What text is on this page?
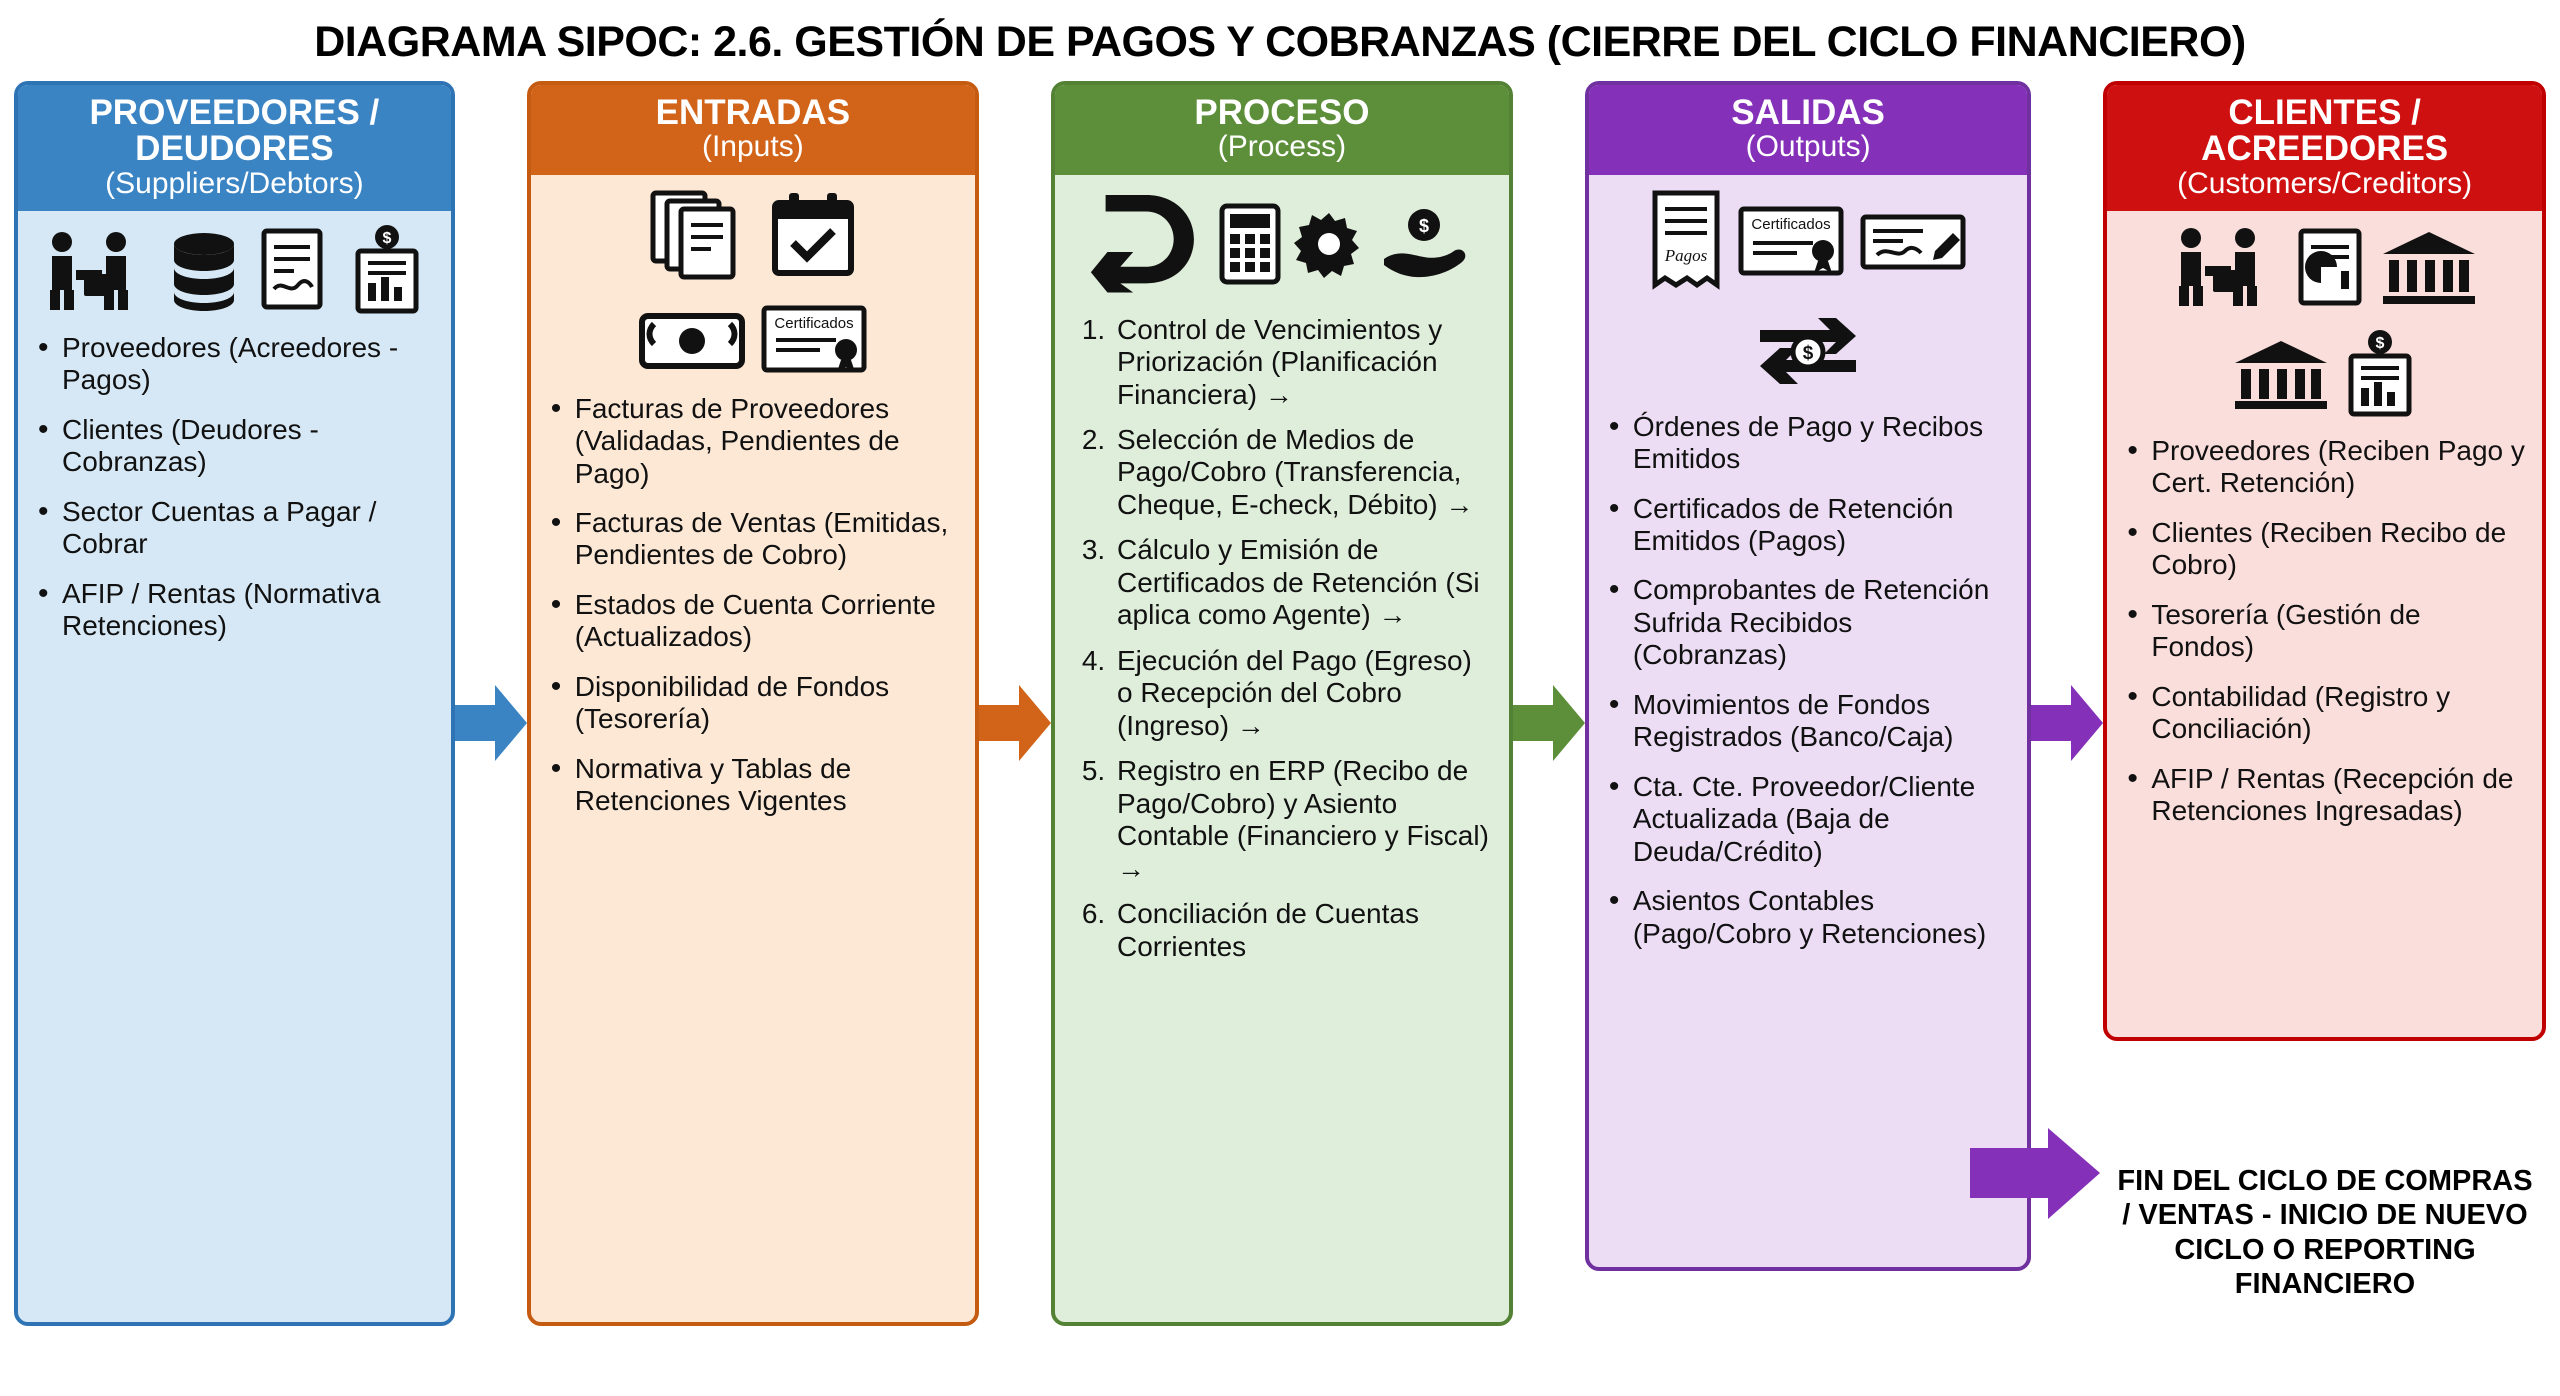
DIAGRAMA SIPOC: 2.6. GESTIÓN DE PAGOS Y COBRANZAS (CIERRE DEL CICLO FINANCIERO)
PROVEEDORES / DEUDORES
(Suppliers/Debtors)
$
• Proveedores (Acreedores - Pagos)
• Clientes (Deudores - Cobranzas)
• Sector Cuentas a Pagar / Cobrar
• AFIP / Rentas (Normativa Retenciones)
ENTRADAS
(Inputs)
Certificados
• Facturas de Proveedores (Validadas, Pendientes de Pago)
• Facturas de Ventas (Emitidas, Pendientes de Cobro)
• Estados de Cuenta Corriente (Actualizados)
• Disponibilidad de Fondos (Tesorería)
• Normativa y Tablas de Retenciones Vigentes
PROCESO
(Process)
$
1. Control de Vencimientos y Priorización (Planificación Financiera) →
2. Selección de Medios de Pago/Cobro (Transferencia, Cheque, E-check, Débito) →
3. Cálculo y Emisión de Certificados de Retención (Si aplica como Agente) →
4. Ejecución del Pago (Egreso) o Recepción del Cobro (Ingreso) →
5. Registro en ERP (Recibo de Pago/Cobro) y Asiento Contable (Financiero y Fiscal) →
6. Conciliación de Cuentas Corrientes
SALIDAS
(Outputs)
Pagos
Certificados
$
• Órdenes de Pago y Recibos Emitidos
• Certificados de Retención Emitidos (Pagos)
• Comprobantes de Retención Sufrida Recibidos (Cobranzas)
• Movimientos de Fondos Registrados (Banco/Caja)
• Cta. Cte. Proveedor/Cliente Actualizada (Baja de Deuda/Crédito)
• Asientos Contables (Pago/Cobro y Retenciones)
CLIENTES / ACREEDORES
(Customers/Creditors)
$
• Proveedores (Reciben Pago y Cert. Retención)
• Clientes (Reciben Recibo de Cobro)
• Tesorería (Gestión de Fondos)
• Contabilidad (Registro y Conciliación)
• AFIP / Rentas (Recepción de Retenciones Ingresadas)
FIN DEL CICLO DE COMPRAS / VENTAS - INICIO DE NUEVO CICLO O REPORTING FINANCIERO
